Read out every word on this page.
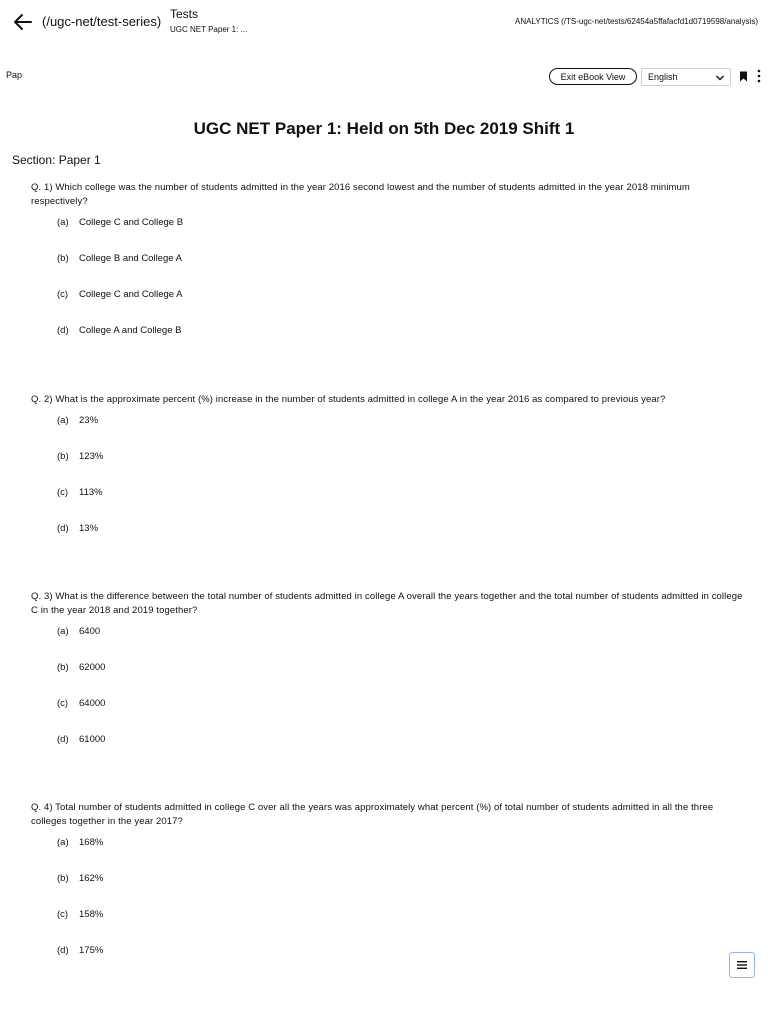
(/ugc-net/test-series) Tests
UGC NET Paper 1: ...
ANALYTICS (/TS-ugc-net/tests/62454a5ffafacfd1d0719598/analysis)
Pap	Exit eBook View	English
UGC NET Paper 1: Held on 5th Dec 2019 Shift 1
Section: Paper 1
Q. 1) Which college was the number of students admitted in the year 2016 second lowest and the number of students admitted in the year 2018 minimum respectively?
(a)	College C and College B
(b)	College B and College A
(c)	College C and College A
(d)	College A and College B
Q. 2) What is the approximate percent (%) increase in the number of students admitted in college A in the year 2016 as compared to previous year?
(a)	23%
(b)	123%
(c)	113%
(d)	13%
Q. 3) What is the difference between the total number of students admitted in college A overall the years together and the total number of students admitted in college C in the year 2018 and 2019 together?
(a)	6400
(b)	62000
(c)	64000
(d)	61000
Q. 4) Total number of students admitted in college C over all the years was approximately what percent (%) of total number of students admitted in all the three colleges together in the year 2017?
(a)	168%
(b)	162%
(c)	158%
(d)	175%
